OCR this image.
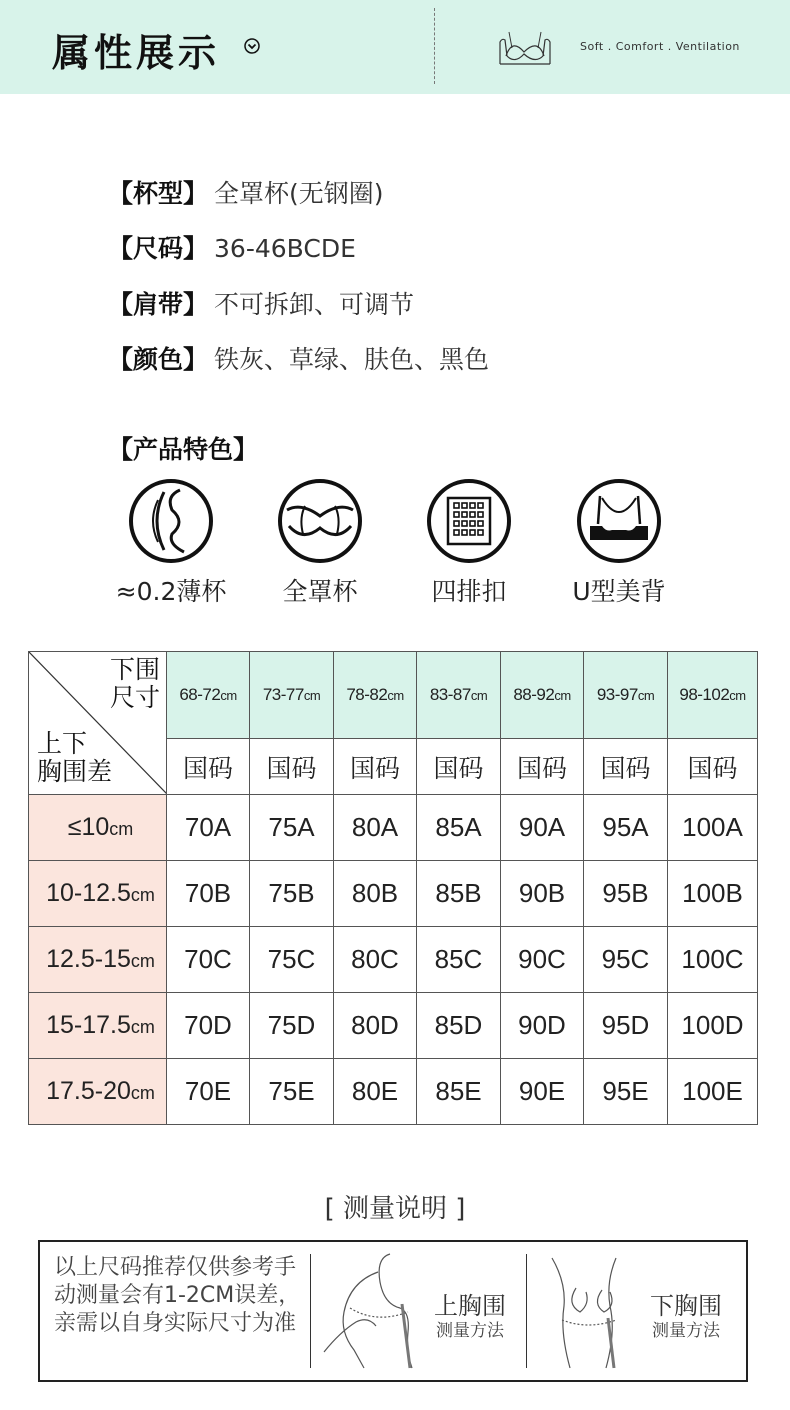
属性展示	Soft . Comfort . Ventilation
【杯型】 全罩杯(无钢圈)
【尺码】 36-46BCDE
【肩带】 不可拆卸、可调节
【颜色】 铁灰、草绿、肤色、黑色
【产品特色】
≈0.2薄杯	全罩杯	四排扣	U型美背
下围
尺寸
上下
胸围差	68-72cm	73-77cm	78-82cm	83-87cm	88-92cm	93-97cm	98-102cm
	国码	国码	国码	国码	国码	国码	国码
≤10cm	70A	75A	80A	85A	90A	95A	100A
10-12.5cm	70B	75B	80B	85B	90B	95B	100B
12.5-15cm	70C	75C	80C	85C	90C	95C	100C
15-17.5cm	70D	75D	80D	85D	90D	95D	100D
17.5-20cm	70E	75E	80E	85E	90E	95E	100E
[ 测量说明 ]
以上尺码推荐仅供参考手动测量会有1-2CM误差，亲需以自身实际尺寸为准
上胸围
测量方法
下胸围
测量方法
